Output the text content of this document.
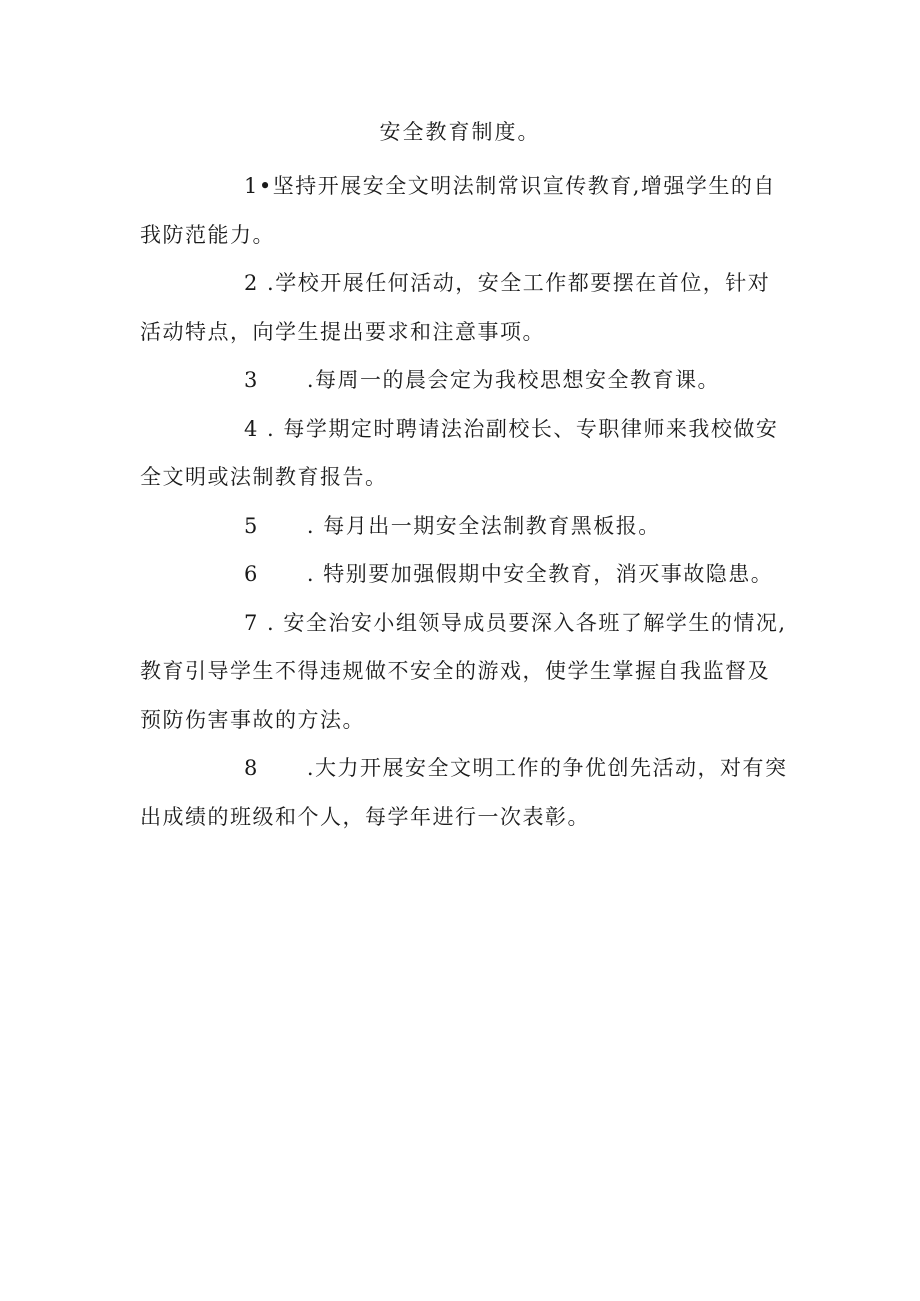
安全教育制度。

1•坚持开展安全文明法制常识宣传教育,增强学生的自我防范能力。

2 .学校开展任何活动，安全工作都要摆在首位，针对活动特点，向学生提出要求和注意事项。

3 .每周一的晨会定为我校思想安全教育课。

4 . 每学期定时聘请法治副校长、专职律师来我校做安全文明或法制教育报告。

5 . 每月出一期安全法制教育黑板报。

6 . 特别要加强假期中安全教育，消灭事故隐患。

7 . 安全治安小组领导成员要深入各班了解学生的情况,教育引导学生不得违规做不安全的游戏，使学生掌握自我监督及预防伤害事故的方法。

8 .大力开展安全文明工作的争优创先活动，对有突出成绩的班级和个人，每学年进行一次表彰。
